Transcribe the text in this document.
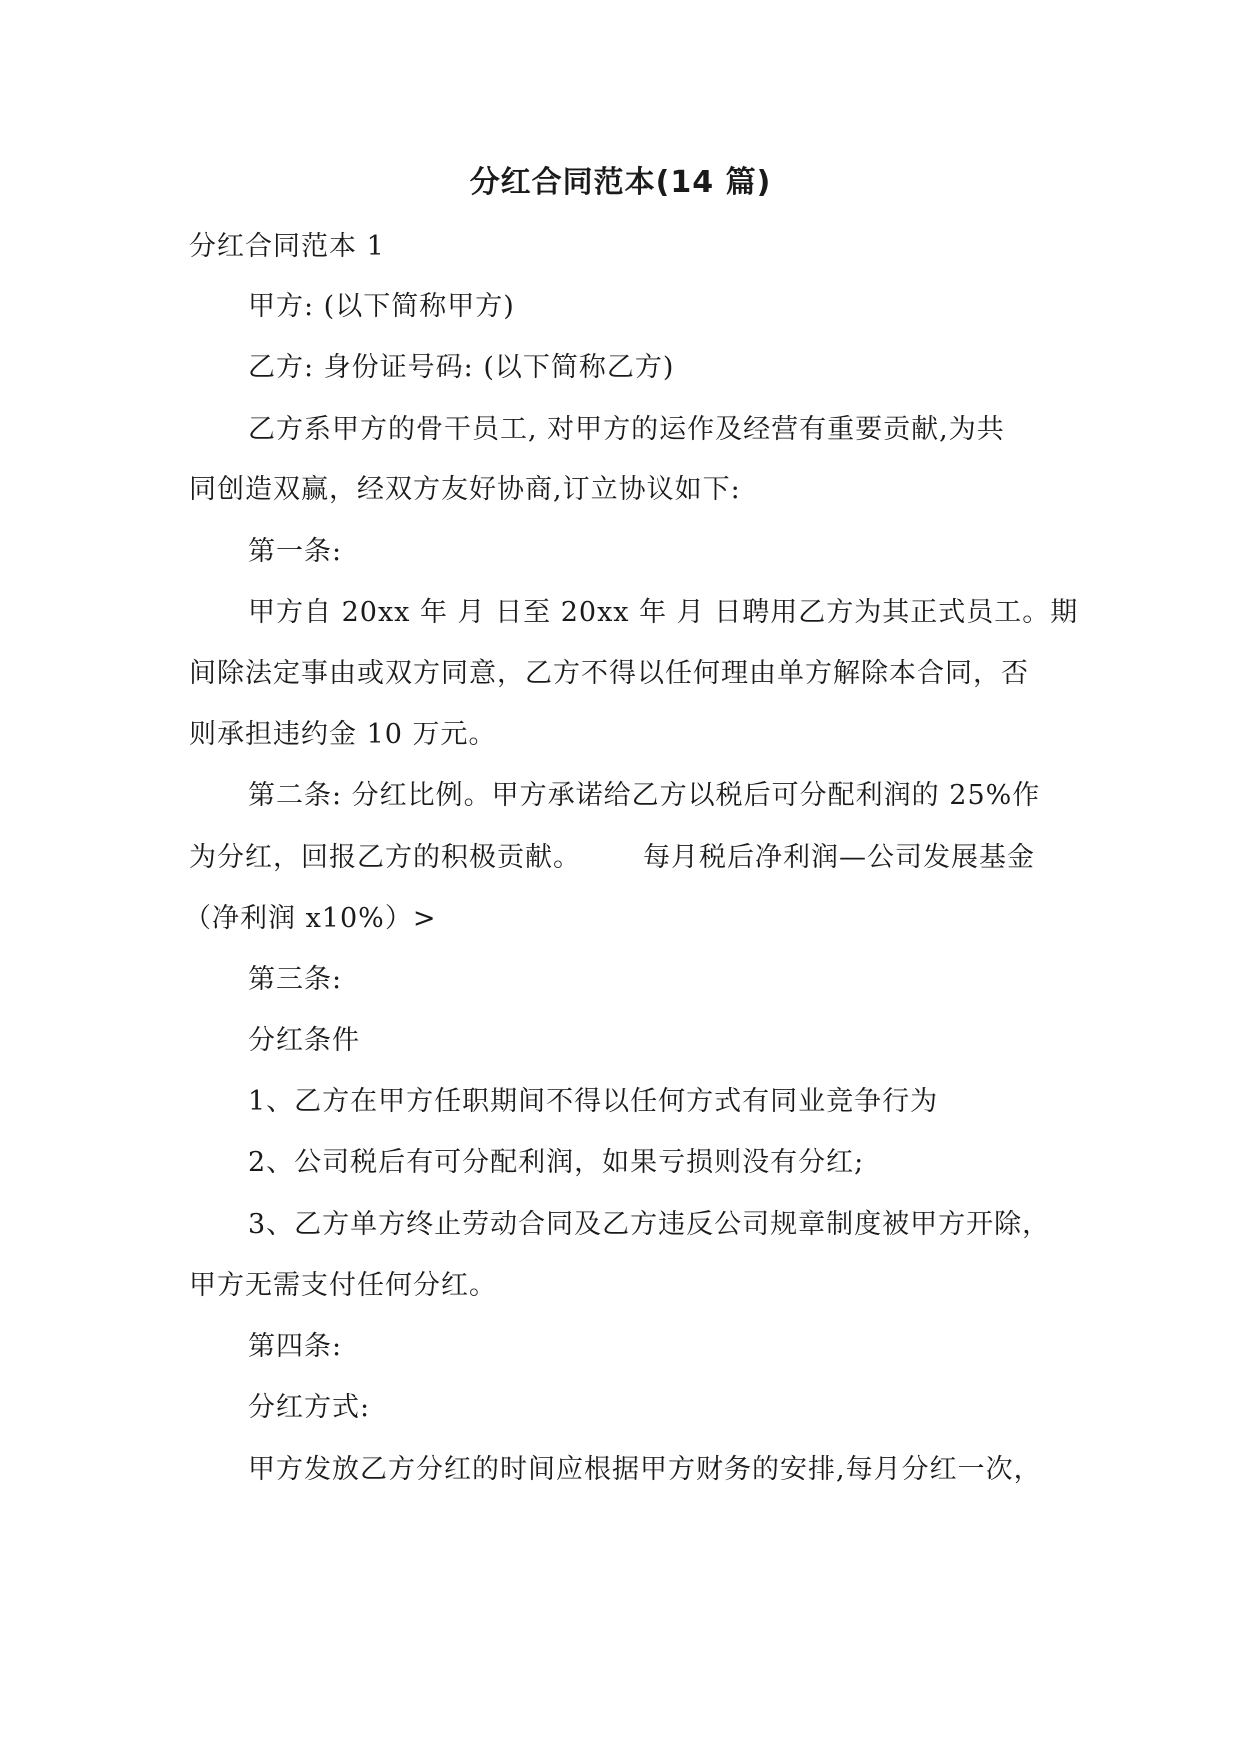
分红合同范本(14 篇)
分红合同范本 1
甲方: (以下简称甲方)
乙方: 身份证号码: (以下简称乙方)
乙方系甲方的骨干员工, 对甲方的运作及经营有重要贡献,为共
同创造双赢，经双方友好协商,订立协议如下:
第一条:
甲方自 20xx 年 月 日至 20xx 年 月 日聘用乙方为其正式员工。期
间除法定事由或双方同意，乙方不得以任何理由单方解除本合同，否
则承担违约金 10 万元。
第二条: 分红比例。甲方承诺给乙方以税后可分配利润的 25%作
为分红，回报乙方的积极贡献。 每月税后净利润—公司发展基金
（净利润 x10%）>
第三条:
分红条件
1、乙方在甲方任职期间不得以任何方式有同业竞争行为
2、公司税后有可分配利润，如果亏损则没有分红;
3、乙方单方终止劳动合同及乙方违反公司规章制度被甲方开除，
甲方无需支付任何分红。
第四条:
分红方式:
甲方发放乙方分红的时间应根据甲方财务的安排,每月分红一次，
